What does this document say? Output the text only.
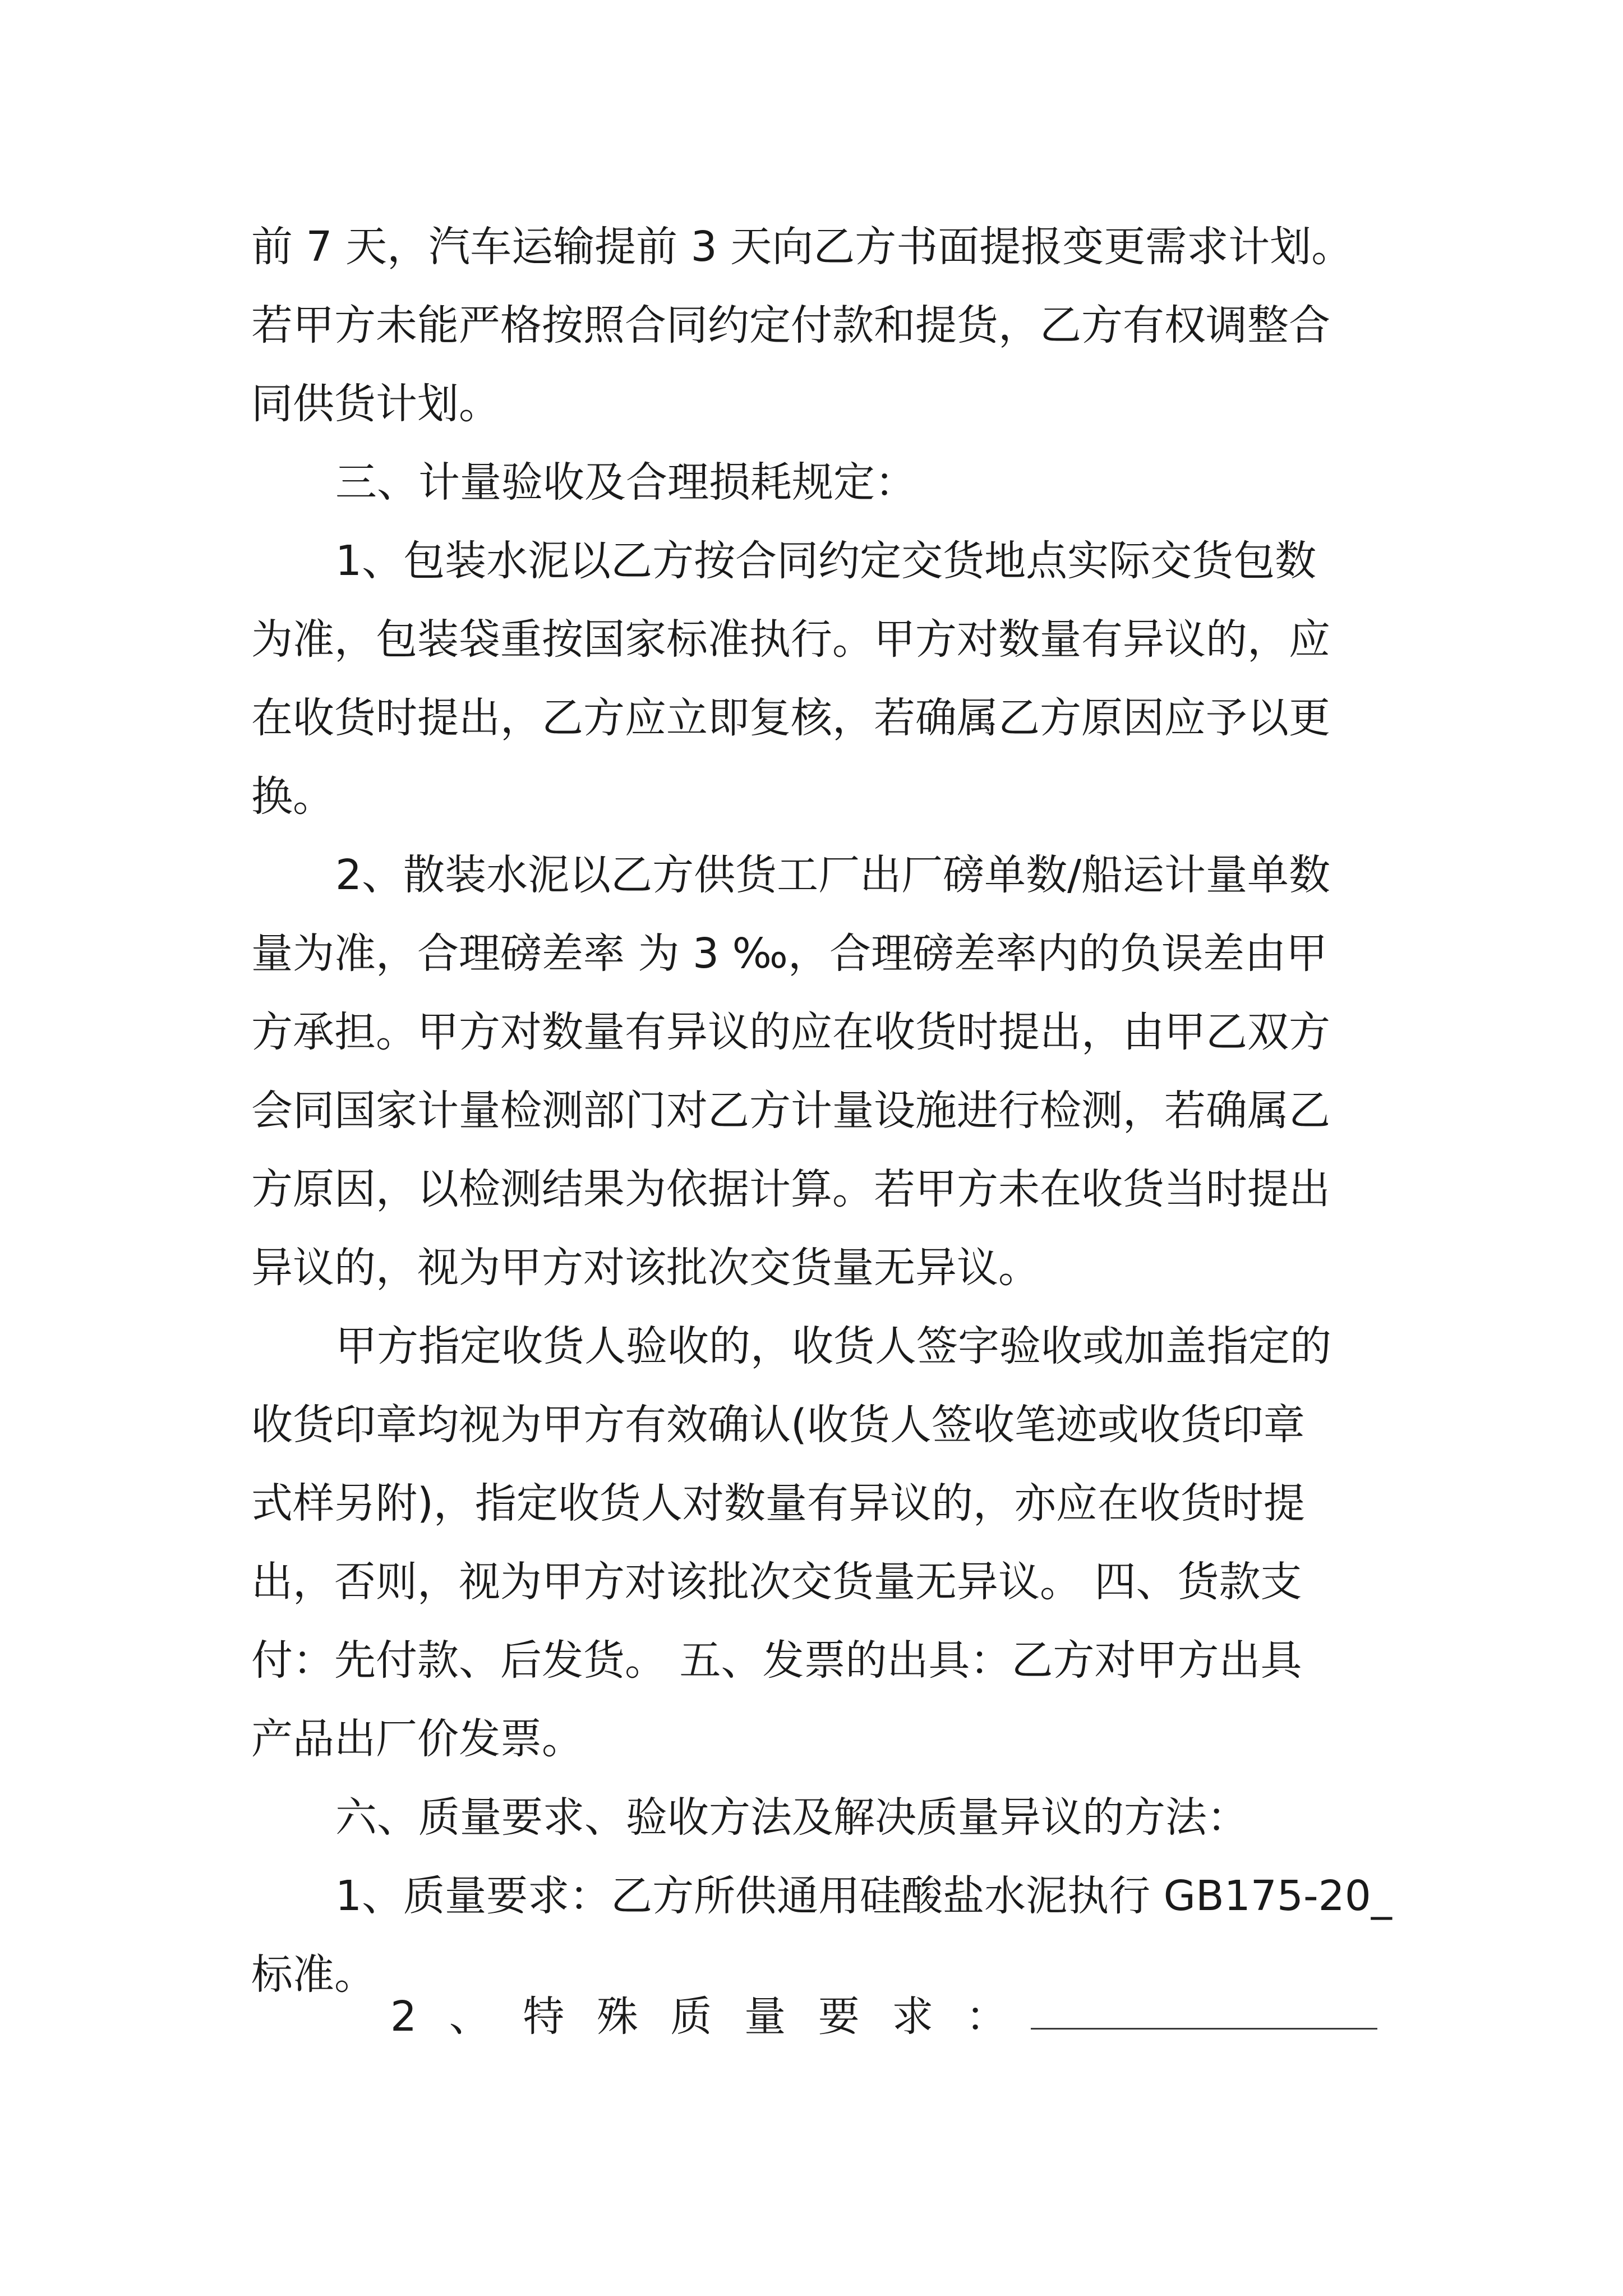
前 7 天，汽车运输提前 3 天向乙方书面提报变更需求计划。
若甲方未能严格按照合同约定付款和提货，乙方有权调整合
同供货计划。
三、计量验收及合理损耗规定：
1、包装水泥以乙方按合同约定交货地点实际交货包数
为准，包装袋重按国家标准执行。甲方对数量有异议的，应
在收货时提出，乙方应立即复核，若确属乙方原因应予以更
换。
2、散装水泥以乙方供货工厂出厂磅单数/船运计量单数
量为准，合理磅差率 为 3 ‰，合理磅差率内的负误差由甲
方承担。甲方对数量有异议的应在收货时提出，由甲乙双方
会同国家计量检测部门对乙方计量设施进行检测，若确属乙
方原因，以检测结果为依据计算。若甲方未在收货当时提出
异议的，视为甲方对该批次交货量无异议。
甲方指定收货人验收的，收货人签字验收或加盖指定的
收货印章均视为甲方有效确认(收货人签收笔迹或收货印章
式样另附)，指定收货人对数量有异议的，亦应在收货时提
出，否则，视为甲方对该批次交货量无异议。 四、货款支
付：先付款、后发货。 五、发票的出具：乙方对甲方出具
产品出厂价发票。
六、质量要求、验收方法及解决质量异议的方法：
1、质量要求：乙方所供通用硅酸盐水泥执行 GB175-20_
标准。
2 、 特 殊 质 量 要 求 ：
